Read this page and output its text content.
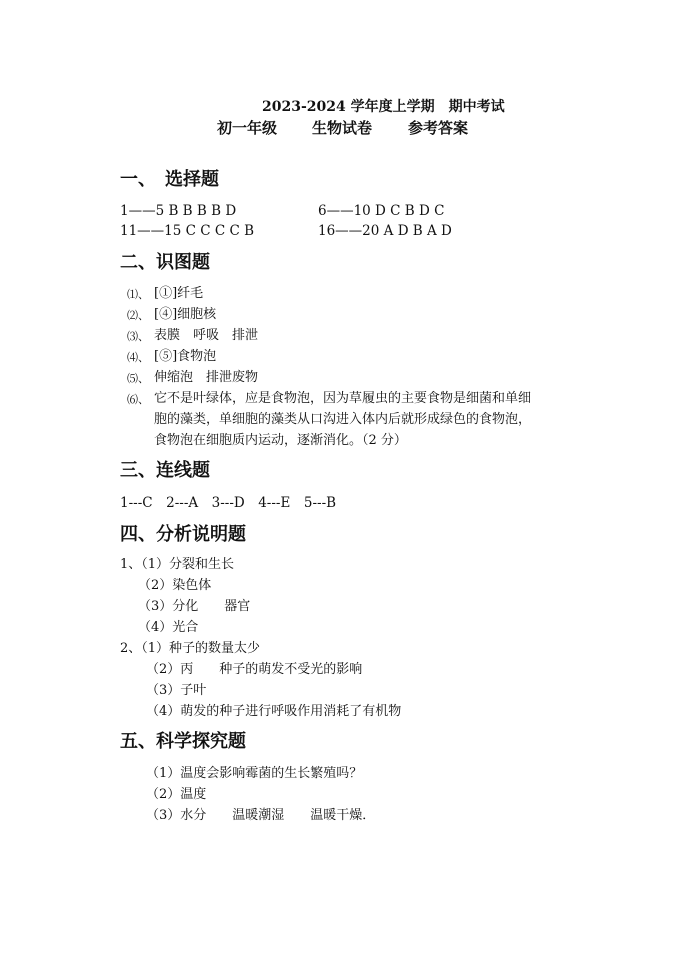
2023-2024 学年度上学期　期中考试
初一年级 生物试卷 参考答案
一、　选择题
1——5 B B B B D	6——10 D C B D C
11——15 C C C C B	16——20 A D B A D
二、识图题
⑴、 [①]纤毛
⑵、 [④]细胞核
⑶、 表膜　呼吸　排泄
⑷、 [⑤]食物泡
⑸、 伸缩泡　排泄废物
⑹、 它不是叶绿体，应是食物泡，因为草履虫的主要食物是细菌和单细
胞的藻类，单细胞的藻类从口沟进入体内后就形成绿色的食物泡，
食物泡在细胞质内运动，逐渐消化。（2 分）
三、连线题
1---C　2---A　3---D　4---E　5---B
四、分析说明题
1、（1）分裂和生长
（2）染色体
（3）分化　　器官
（4）光合
2、（1）种子的数量太少
（2）丙　　种子的萌发不受光的影响
（3）子叶
（4）萌发的种子进行呼吸作用消耗了有机物
五、科学探究题
（1）温度会影响霉菌的生长繁殖吗？
（2）温度
（3）水分　　温暖潮湿　　温暖干燥．
